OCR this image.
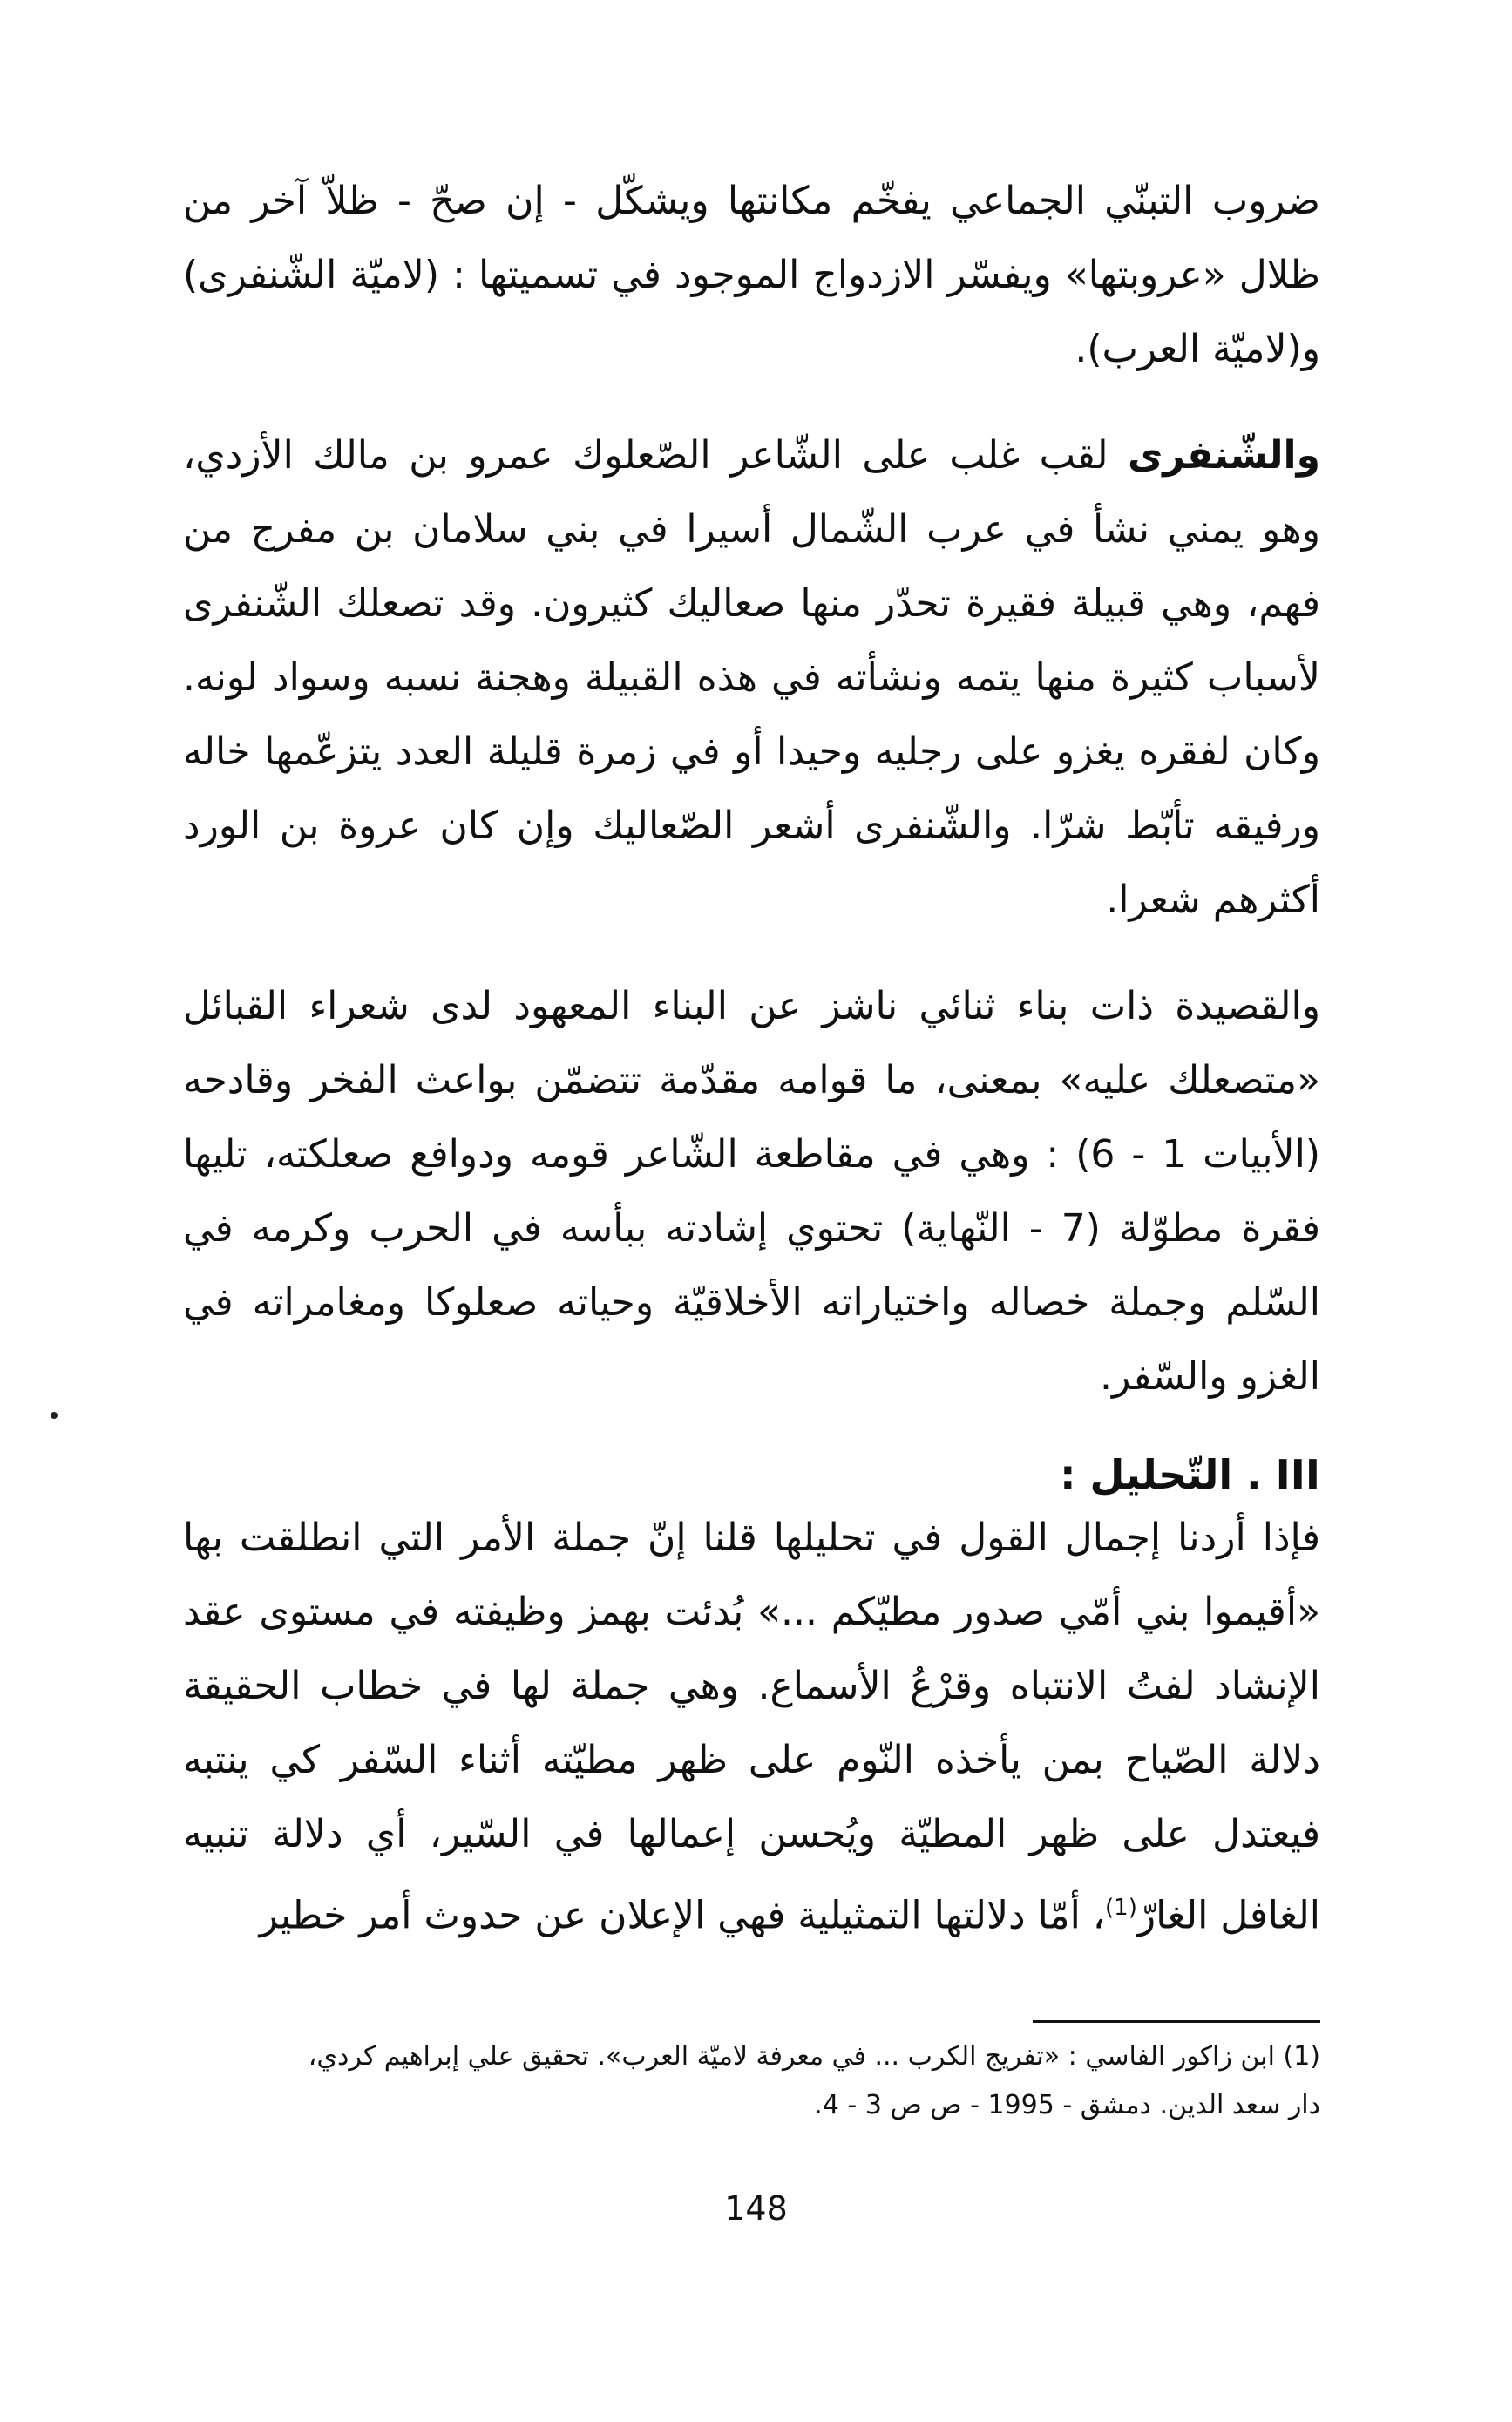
ضروب التبنّي الجماعي يفخّم مكانتها ويشكّل - إن صحّ - ظلاّ آخر من ظلال «عروبتها» ويفسّر الازدواج الموجود في تسميتها : (لاميّة الشّنفرى) و(لاميّة العرب).

والشّنفرى لقب غلب على الشّاعر الصّعلوك عمرو بن مالك الأزدي، وهو يمني نشأ في عرب الشّمال أسيرا في بني سلامان بن مفرج من فهم، وهي قبيلة فقيرة تحدّر منها صعاليك كثيرون. وقد تصعلك الشّنفرى لأسباب كثيرة منها يتمه ونشأته في هذه القبيلة وهجنة نسبه وسواد لونه. وكان لفقره يغزو على رجليه وحيدا أو في زمرة قليلة العدد يتزعّمها خاله ورفيقه تأبّط شرّا. والشّنفرى أشعر الصّعاليك وإن كان عروة بن الورد أكثرهم شعرا.

والقصيدة ذات بناء ثنائي ناشز عن البناء المعهود لدى شعراء القبائل «متصعلك عليه» بمعنى، ما قوامه مقدّمة تتضمّن بواعث الفخر وقادحه (الأبيات 1 - 6) : وهي في مقاطعة الشّاعر قومه ودوافع صعلكته، تليها فقرة مطوّلة (7 - النّهاية) تحتوي إشادته ببأسه في الحرب وكرمه في السّلم وجملة خصاله واختياراته الأخلاقيّة وحياته صعلوكا ومغامراته في الغزو والسّفر.

III . التّحليل :

فإذا أردنا إجمال القول في تحليلها قلنا إنّ جملة الأمر التي انطلقت بها «أقيموا بني أمّي صدور مطيّكم ...» بُدئت بهمز وظيفته في مستوى عقد الإنشاد لفتُ الانتباه وقرْعُ الأسماع. وهي جملة لها في خطاب الحقيقة دلالة الصّياح بمن يأخذه النّوم على ظهر مطيّته أثناء السّفر كي ينتبه فيعتدل على ظهر المطيّة ويُحسن إعمالها في السّير، أي دلالة تنبيه الغافل الغارّ$^{(1)}$، أمّا دلالتها التمثيلية فهي الإعلان عن حدوث أمر خطير

(1) ابن زاكور الفاسي : «تفريج الكرب ... في معرفة لاميّة العرب». تحقيق علي إبراهيم كردي،
دار سعد الدين. دمشق - 1995 - ص ص 3 - 4.
148
